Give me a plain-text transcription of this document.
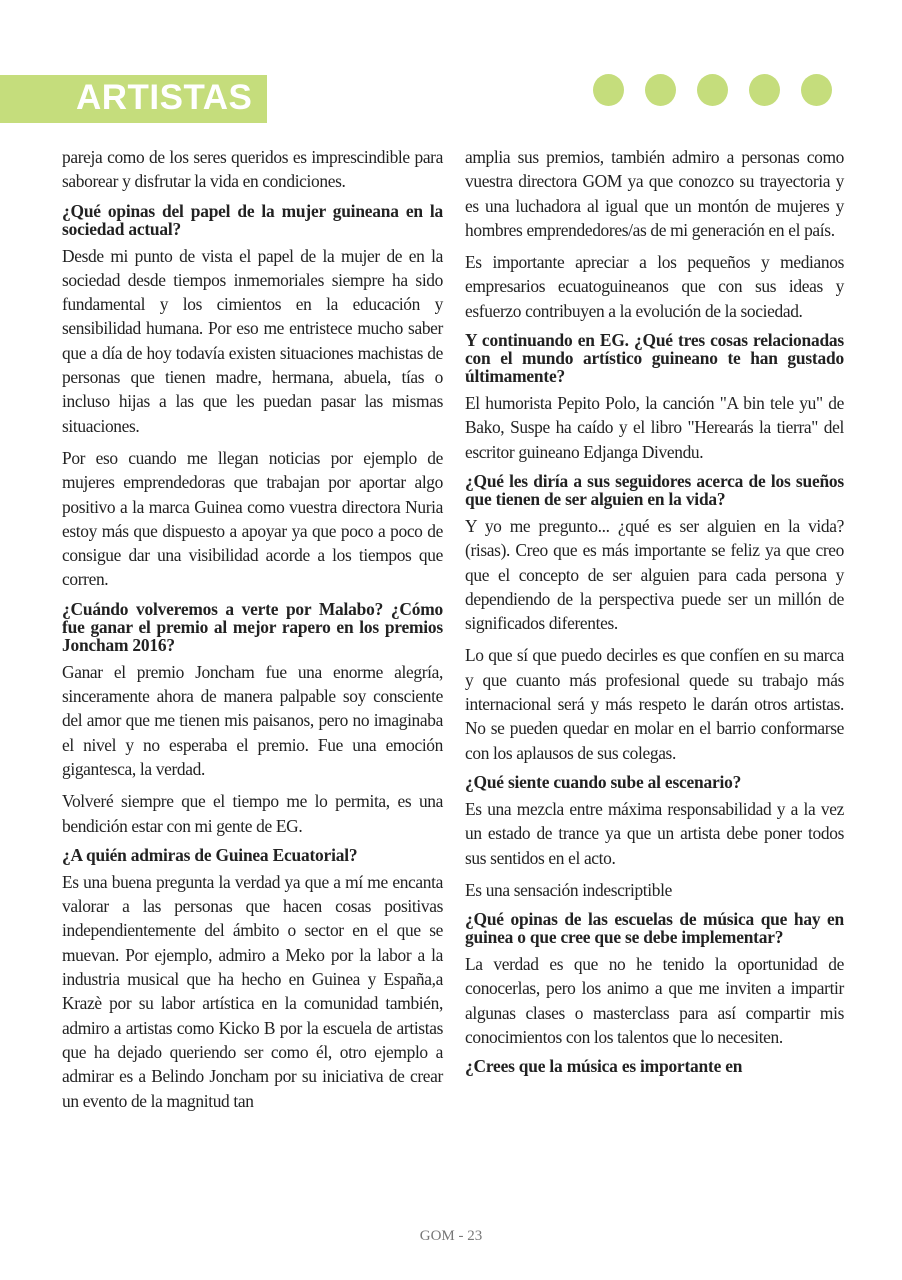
ARTISTAS

pareja como de los seres queridos es imprescindible para saborear y disfrutar la vida en condiciones.

¿Qué opinas del papel de la mujer guineana en la sociedad actual?

Desde mi punto de vista el papel de la mujer de en la sociedad desde tiempos inmemoriales siempre ha sido fundamental y los cimientos en la educación y sensibilidad humana. Por eso me entristece mucho saber que a día de hoy todavía existen situaciones machistas de personas que tienen madre, hermana, abuela, tías o incluso hijas a las que les puedan pasar las mismas situaciones.

Por eso cuando me llegan noticias por ejemplo de mujeres emprendedoras que trabajan por aportar algo positivo a la marca Guinea como vuestra directora Nuria estoy más que dispuesto a apoyar ya que poco a poco de consigue dar una visibilidad acorde a los tiempos que corren.

¿Cuándo volveremos a verte por Malabo? ¿Cómo fue ganar el premio al mejor rapero en los premios Joncham 2016?

Ganar el premio Joncham fue una enorme alegría, sinceramente ahora de manera palpable soy consciente del amor que me tienen mis paisanos, pero no imaginaba el nivel y no esperaba el premio. Fue una emoción gigantesca, la verdad.

Volveré siempre que el tiempo me lo permita, es una bendición estar con mi gente de EG.

¿A quién admiras de Guinea Ecuatorial?

Es una buena pregunta la verdad ya que a mí me encanta valorar a las personas que hacen cosas positivas independientemente del ámbito o sector en el que se muevan. Por ejemplo, admiro a Meko por la labor a la industria musical que ha hecho en Guinea y España,a Krazè por su labor artística en la comunidad también, admiro a artistas como Kicko B por la escuela de artistas que ha dejado queriendo ser como él, otro ejemplo a admirar es a Belindo Joncham por su iniciativa de crear un evento de la magnitud tan

amplia sus premios, también admiro a personas como vuestra directora GOM ya que conozco su trayectoria y es una luchadora al igual que un montón de mujeres y hombres emprendedores/as de mi generación en el país.

Es importante apreciar a los pequeños y medianos empresarios ecuatoguineanos que con sus ideas y esfuerzo contribuyen a la evolución de la sociedad.

Y continuando en EG. ¿Qué tres cosas relacionadas con el mundo artístico guineano te han gustado últimamente?

El humorista Pepito Polo, la canción "A bin tele yu" de Bako, Suspe ha caído y el libro "Herearás la tierra" del escritor guineano Edjanga Divendu.

¿Qué les diría a sus seguidores acerca de los sueños que tienen de ser alguien en la vida?

Y yo me pregunto... ¿qué es ser alguien en la vida? (risas). Creo que es más importante se feliz ya que creo que el concepto de ser alguien para cada persona y dependiendo de la perspectiva puede ser un millón de significados diferentes.

Lo que sí que puedo decirles es que confíen en su marca y que cuanto más profesional quede su trabajo más internacional será y más respeto le darán otros artistas. No se pueden quedar en molar en el barrio conformarse con los aplausos de sus colegas.

¿Qué siente cuando sube al escenario?

Es una mezcla entre máxima responsabilidad y a la vez un estado de trance ya que un artista debe poner todos sus sentidos en el acto.

Es una sensación indescriptible

¿Qué opinas de las escuelas de música que hay en guinea o que cree que se debe implementar?

La verdad es que no he tenido la oportunidad de conocerlas, pero los animo a que me inviten a impartir algunas clases o masterclass para así compartir mis conocimientos con los talentos que lo necesiten.

¿Crees que la música es importante en

GOM - 23
